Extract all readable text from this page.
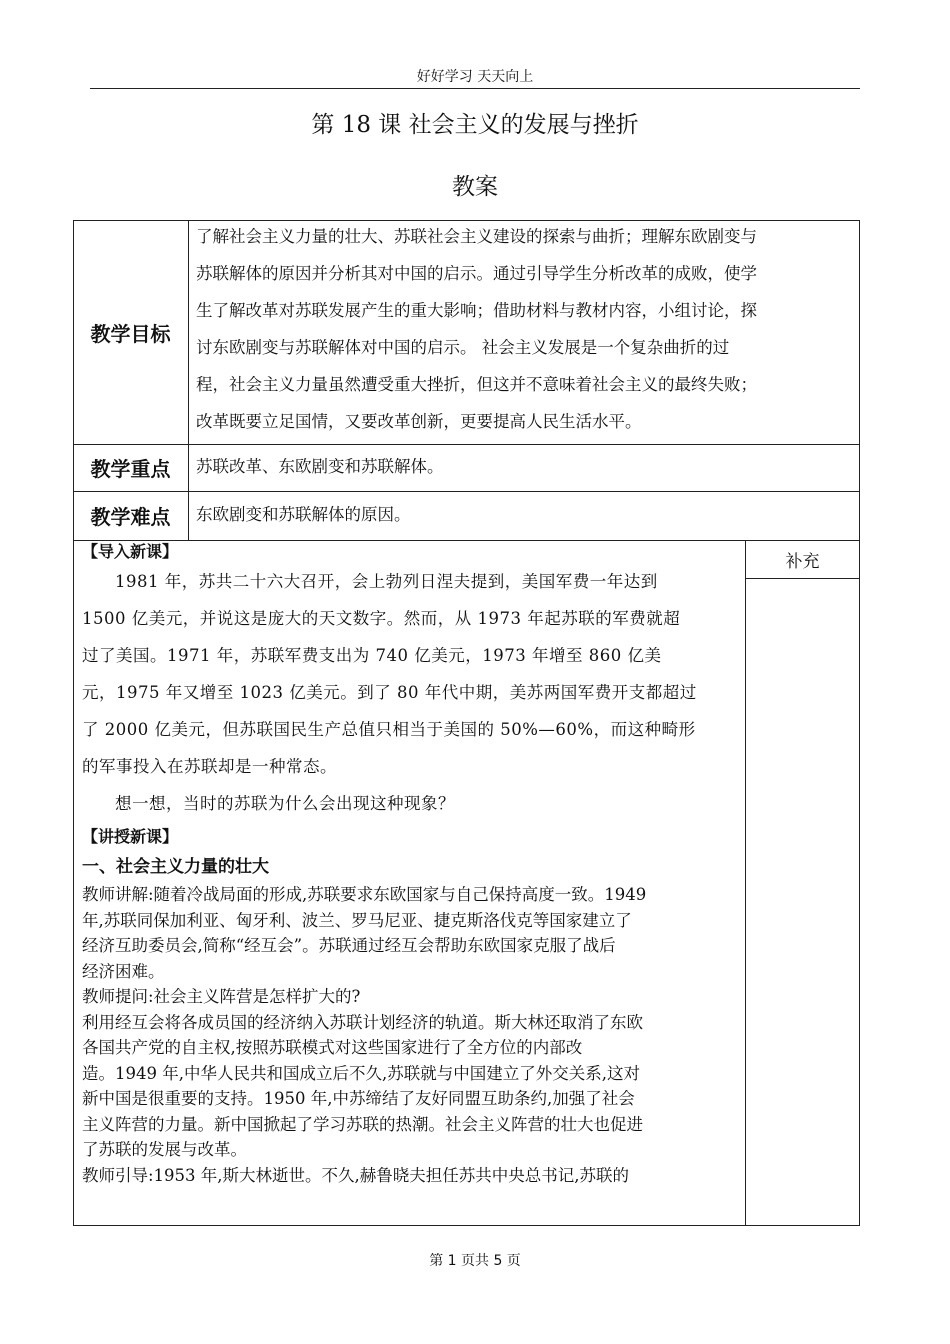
好好学习 天天向上
第 18 课 社会主义的发展与挫折
教案
教学目标
了解社会主义力量的壮大、苏联社会主义建设的探索与曲折；理解东欧剧变与
苏联解体的原因并分析其对中国的启示。通过引导学生分析改革的成败，使学
生了解改革对苏联发展产生的重大影响；借助材料与教材内容，小组讨论，探
讨东欧剧变与苏联解体对中国的启示。 社会主义发展是一个复杂曲折的过
程，社会主义力量虽然遭受重大挫折，但这并不意味着社会主义的最终失败；
改革既要立足国情，又要改革创新，更要提高人民生活水平。
教学重点	苏联改革、东欧剧变和苏联解体。
教学难点	东欧剧变和苏联解体的原因。
补充
【导入新课】
1981 年，苏共二十六大召开，会上勃列日涅夫提到，美国军费一年达到
1500 亿美元，并说这是庞大的天文数字。然而，从 1973 年起苏联的军费就超
过了美国。1971 年，苏联军费支出为 740 亿美元，1973 年增至 860 亿美
元，1975 年又增至 1023 亿美元。到了 80 年代中期，美苏两国军费开支都超过
了 2000 亿美元，但苏联国民生产总值只相当于美国的 50%—60%，而这种畸形
的军事投入在苏联却是一种常态。
想一想，当时的苏联为什么会出现这种现象？
【讲授新课】
一、社会主义力量的壮大
教师讲解:随着冷战局面的形成,苏联要求东欧国家与自己保持高度一致。1949
年,苏联同保加利亚、匈牙利、波兰、罗马尼亚、捷克斯洛伐克等国家建立了
经济互助委员会,简称“经互会”。苏联通过经互会帮助东欧国家克服了战后
经济困难。
教师提问:社会主义阵营是怎样扩大的?
利用经互会将各成员国的经济纳入苏联计划经济的轨道。斯大林还取消了东欧
各国共产党的自主权,按照苏联模式对这些国家进行了全方位的内部改
造。1949 年,中华人民共和国成立后不久,苏联就与中国建立了外交关系,这对
新中国是很重要的支持。1950 年,中苏缔结了友好同盟互助条约,加强了社会
主义阵营的力量。新中国掀起了学习苏联的热潮。社会主义阵营的壮大也促进
了苏联的发展与改革。
教师引导:1953 年,斯大林逝世。不久,赫鲁晓夫担任苏共中央总书记,苏联的
第 1 页共 5 页
